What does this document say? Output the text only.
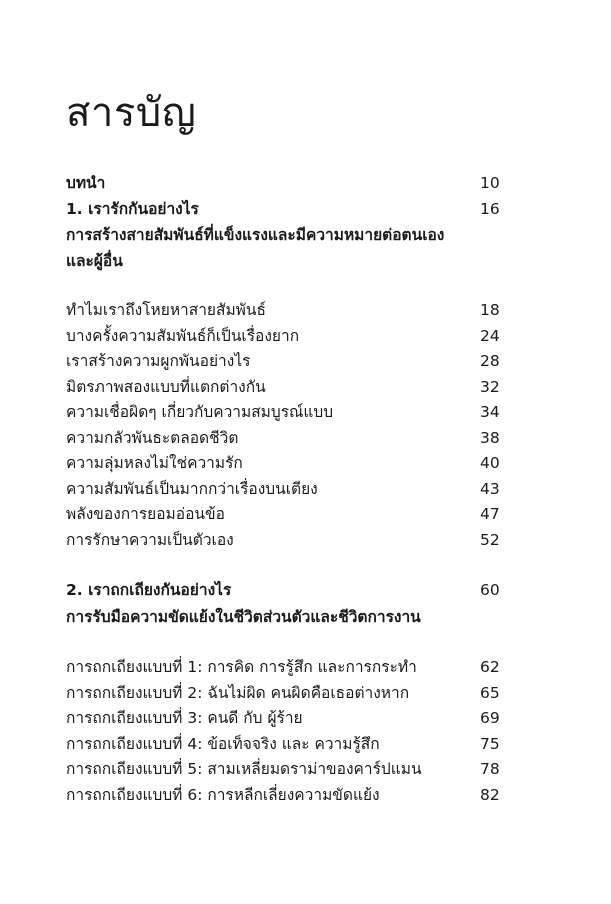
สารบัญ
บทนำ	10
1. เรารักกันอย่างไร	16
การสร้างสายสัมพันธ์ที่แข็งแรงและมีความหมายต่อตนเอง
และผู้อื่น
ทำไมเราถึงโหยหาสายสัมพันธ์	18
บางครั้งความสัมพันธ์ก็เป็นเรื่องยาก	24
เราสร้างความผูกพันอย่างไร	28
มิตรภาพสองแบบที่แตกต่างกัน	32
ความเชื่อผิดๆ เกี่ยวกับความสมบูรณ์แบบ	34
ความกลัวพันธะตลอดชีวิต	38
ความลุ่มหลงไม่ใช่ความรัก	40
ความสัมพันธ์เป็นมากกว่าเรื่องบนเตียง	43
พลังของการยอมอ่อนข้อ	47
การรักษาความเป็นตัวเอง	52
2. เราถกเถียงกันอย่างไร	60
การรับมือความขัดแย้งในชีวิตส่วนตัวและชีวิตการงาน
การถกเถียงแบบที่ 1: การคิด การรู้สึก และการกระทำ	62
การถกเถียงแบบที่ 2: ฉันไม่ผิด คนผิดคือเธอต่างหาก	65
การถกเถียงแบบที่ 3: คนดี กับ ผู้ร้าย	69
การถกเถียงแบบที่ 4: ข้อเท็จจริง และ ความรู้สึก	75
การถกเถียงแบบที่ 5: สามเหลี่ยมดราม่าของคาร์ปแมน	78
การถกเถียงแบบที่ 6: การหลีกเลี่ยงความขัดแย้ง	82
